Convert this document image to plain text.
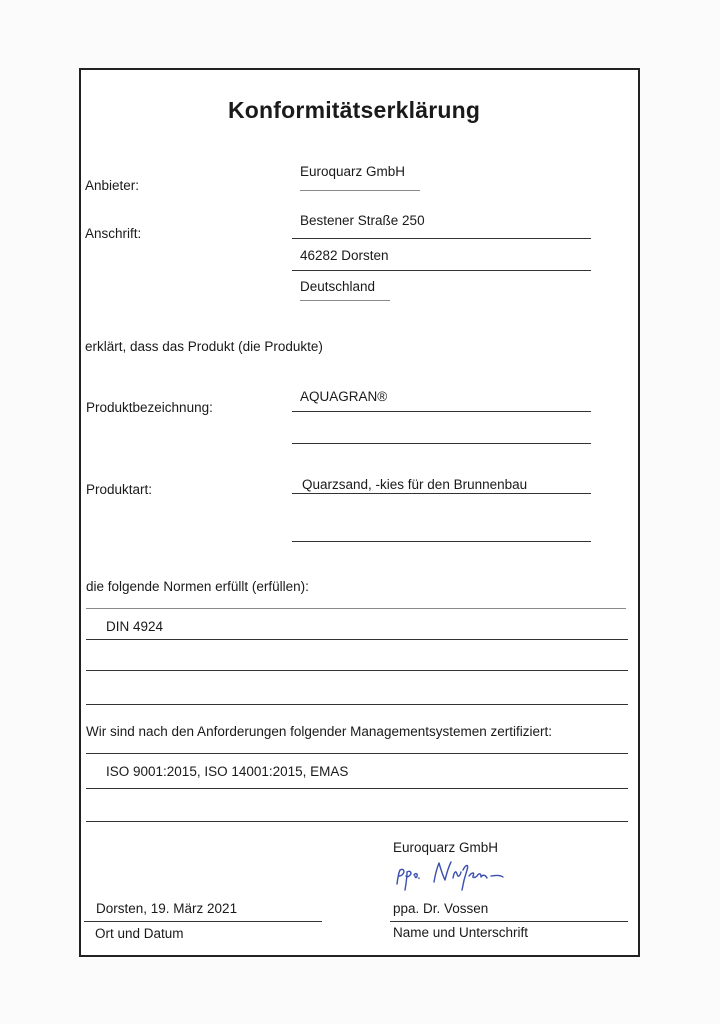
Konformitätserklärung
Anbieter:
Euroquarz GmbH
Anschrift:
Bestener Straße 250
46282 Dorsten
Deutschland
erklärt, dass das Produkt (die Produkte)
Produktbezeichnung:
AQUAGRAN®
Produktart:	Quarzsand, -kies für den Brunnenbau
die folgende Normen erfüllt (erfüllen):
DIN 4924
Wir sind nach den Anforderungen folgender Managementsystemen zertifiziert:
ISO 9001:2015, ISO 14001:2015, EMAS
Euroquarz GmbH
Dorsten, 19. März 2021
Ort und Datum
ppa. Dr. Vossen
Name und Unterschrift
